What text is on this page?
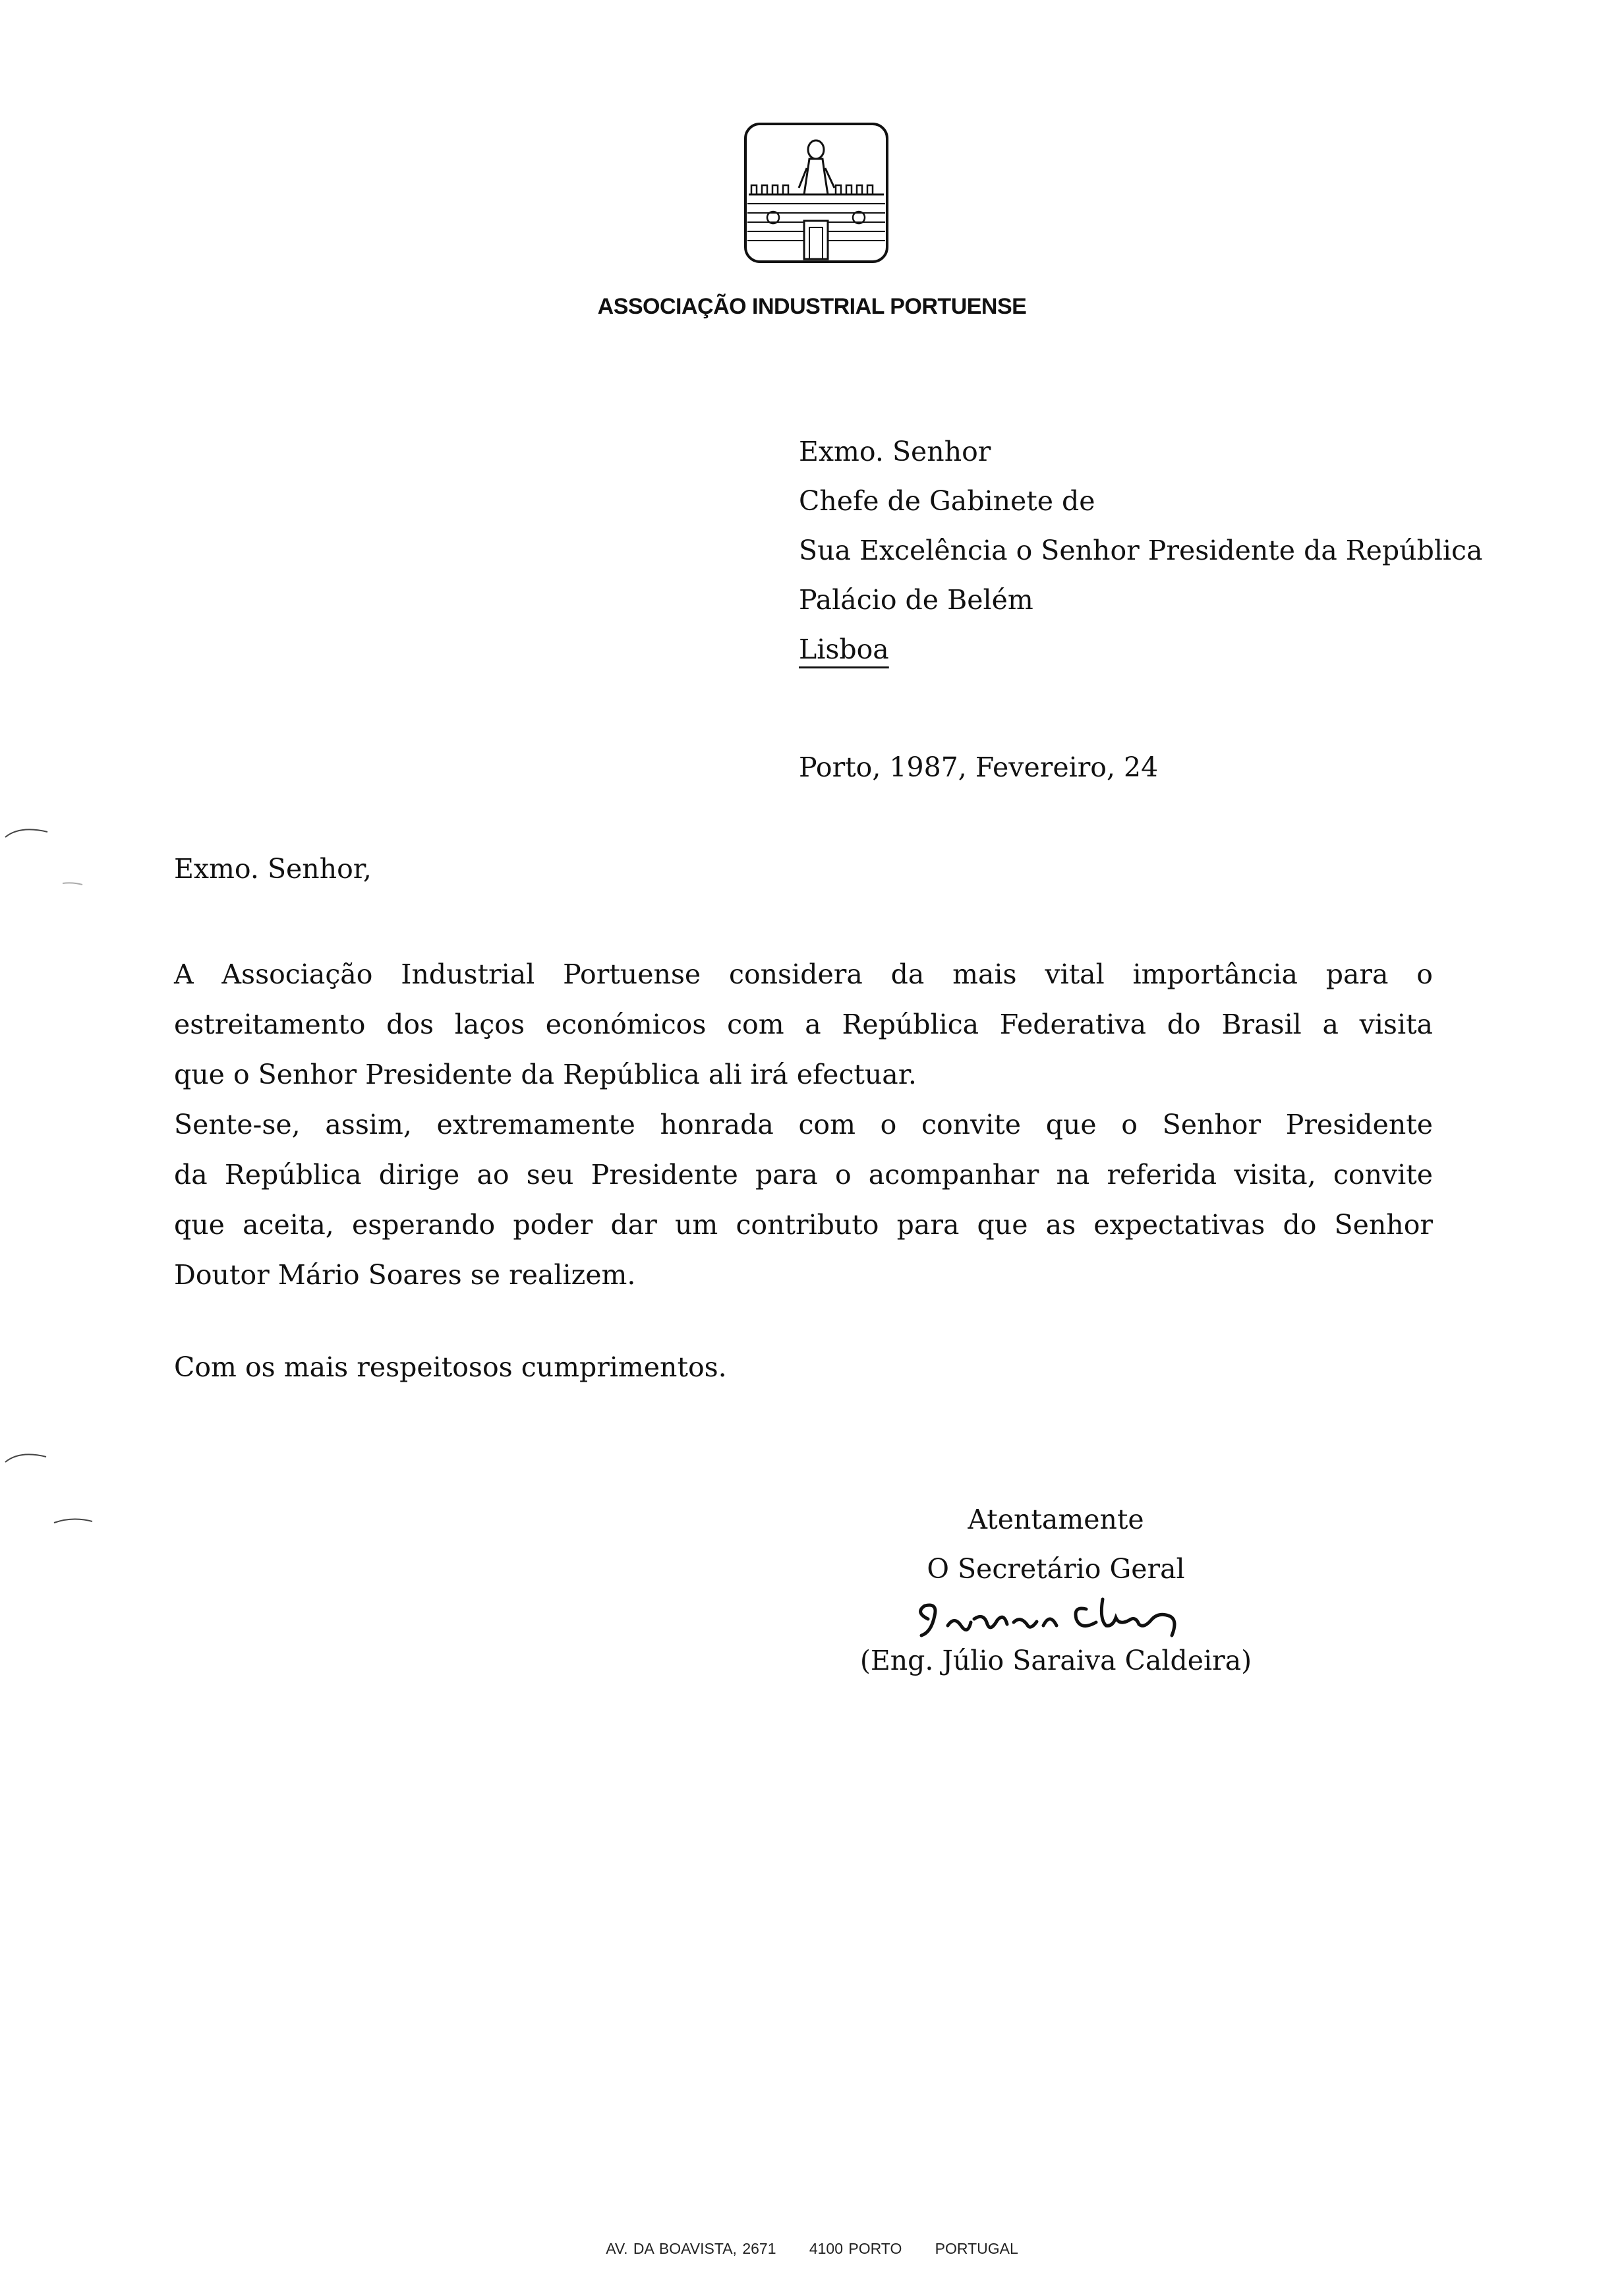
ASSOCIAÇÃO INDUSTRIAL PORTUENSE
Exmo. Senhor
Chefe de Gabinete de
Sua Excelência o Senhor Presidente da República
Palácio de Belém
Lisboa
Porto, 1987, Fevereiro, 24
Exmo. Senhor,
A Associação Industrial Portuense considera da mais vital importância para o
estreitamento dos laços económicos com a República Federativa do Brasil a visita
que o Senhor Presidente da República ali irá efectuar.
Sente-se, assim, extremamente honrada com o convite que o Senhor Presidente
da República dirige ao seu Presidente para o acompanhar na referida visita, convite
que aceita, esperando poder dar um contributo para que as expectativas do Senhor
Doutor Mário Soares se realizem.
Com os mais respeitosos cumprimentos.
Atentamente
O Secretário Geral
(Eng. Júlio Saraiva Caldeira)
AV. DA BOAVISTA, 2671      4100 PORTO      PORTUGAL
